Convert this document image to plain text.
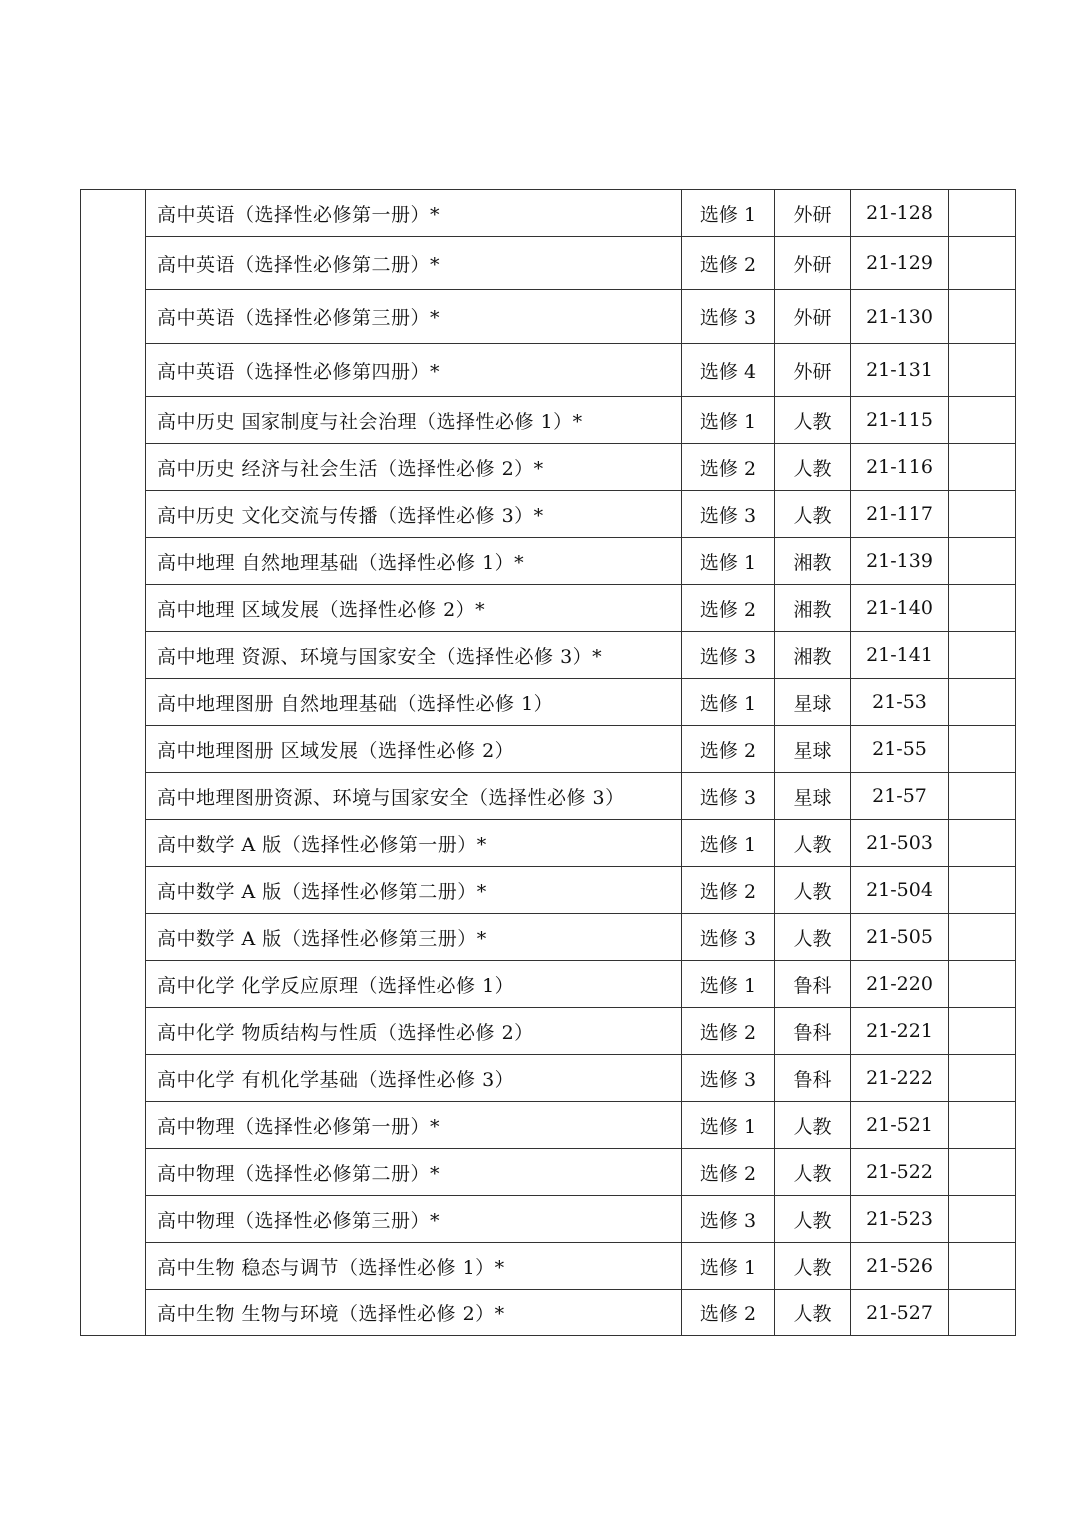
	高中英语（选择性必修第一册）*	选修 1	外研	21-128	
	高中英语（选择性必修第二册）*	选修 2	外研	21-129	
	高中英语（选择性必修第三册）*	选修 3	外研	21-130	
	高中英语（选择性必修第四册）*	选修 4	外研	21-131	
	高中历史 国家制度与社会治理（选择性必修 1）*	选修 1	人教	21-115	
	高中历史 经济与社会生活（选择性必修 2）*	选修 2	人教	21-116	
	高中历史 文化交流与传播（选择性必修 3）*	选修 3	人教	21-117	
	高中地理 自然地理基础（选择性必修 1）*	选修 1	湘教	21-139	
	高中地理 区域发展（选择性必修 2）*	选修 2	湘教	21-140	
	高中地理 资源、环境与国家安全（选择性必修 3）*	选修 3	湘教	21-141	
	高中地理图册 自然地理基础（选择性必修 1）	选修 1	星球	21-53	
	高中地理图册 区域发展（选择性必修 2）	选修 2	星球	21-55	
	高中地理图册资源、环境与国家安全（选择性必修 3）	选修 3	星球	21-57	
	高中数学 A 版（选择性必修第一册）*	选修 1	人教	21-503	
	高中数学 A 版（选择性必修第二册）*	选修 2	人教	21-504	
	高中数学 A 版（选择性必修第三册）*	选修 3	人教	21-505	
	高中化学 化学反应原理（选择性必修 1）	选修 1	鲁科	21-220	
	高中化学 物质结构与性质（选择性必修 2）	选修 2	鲁科	21-221	
	高中化学 有机化学基础（选择性必修 3）	选修 3	鲁科	21-222	
	高中物理（选择性必修第一册）*	选修 1	人教	21-521	
	高中物理（选择性必修第二册）*	选修 2	人教	21-522	
	高中物理（选择性必修第三册）*	选修 3	人教	21-523	
	高中生物 稳态与调节（选择性必修 1）*	选修 1	人教	21-526	
	高中生物 生物与环境（选择性必修 2）*	选修 2	人教	21-527	
